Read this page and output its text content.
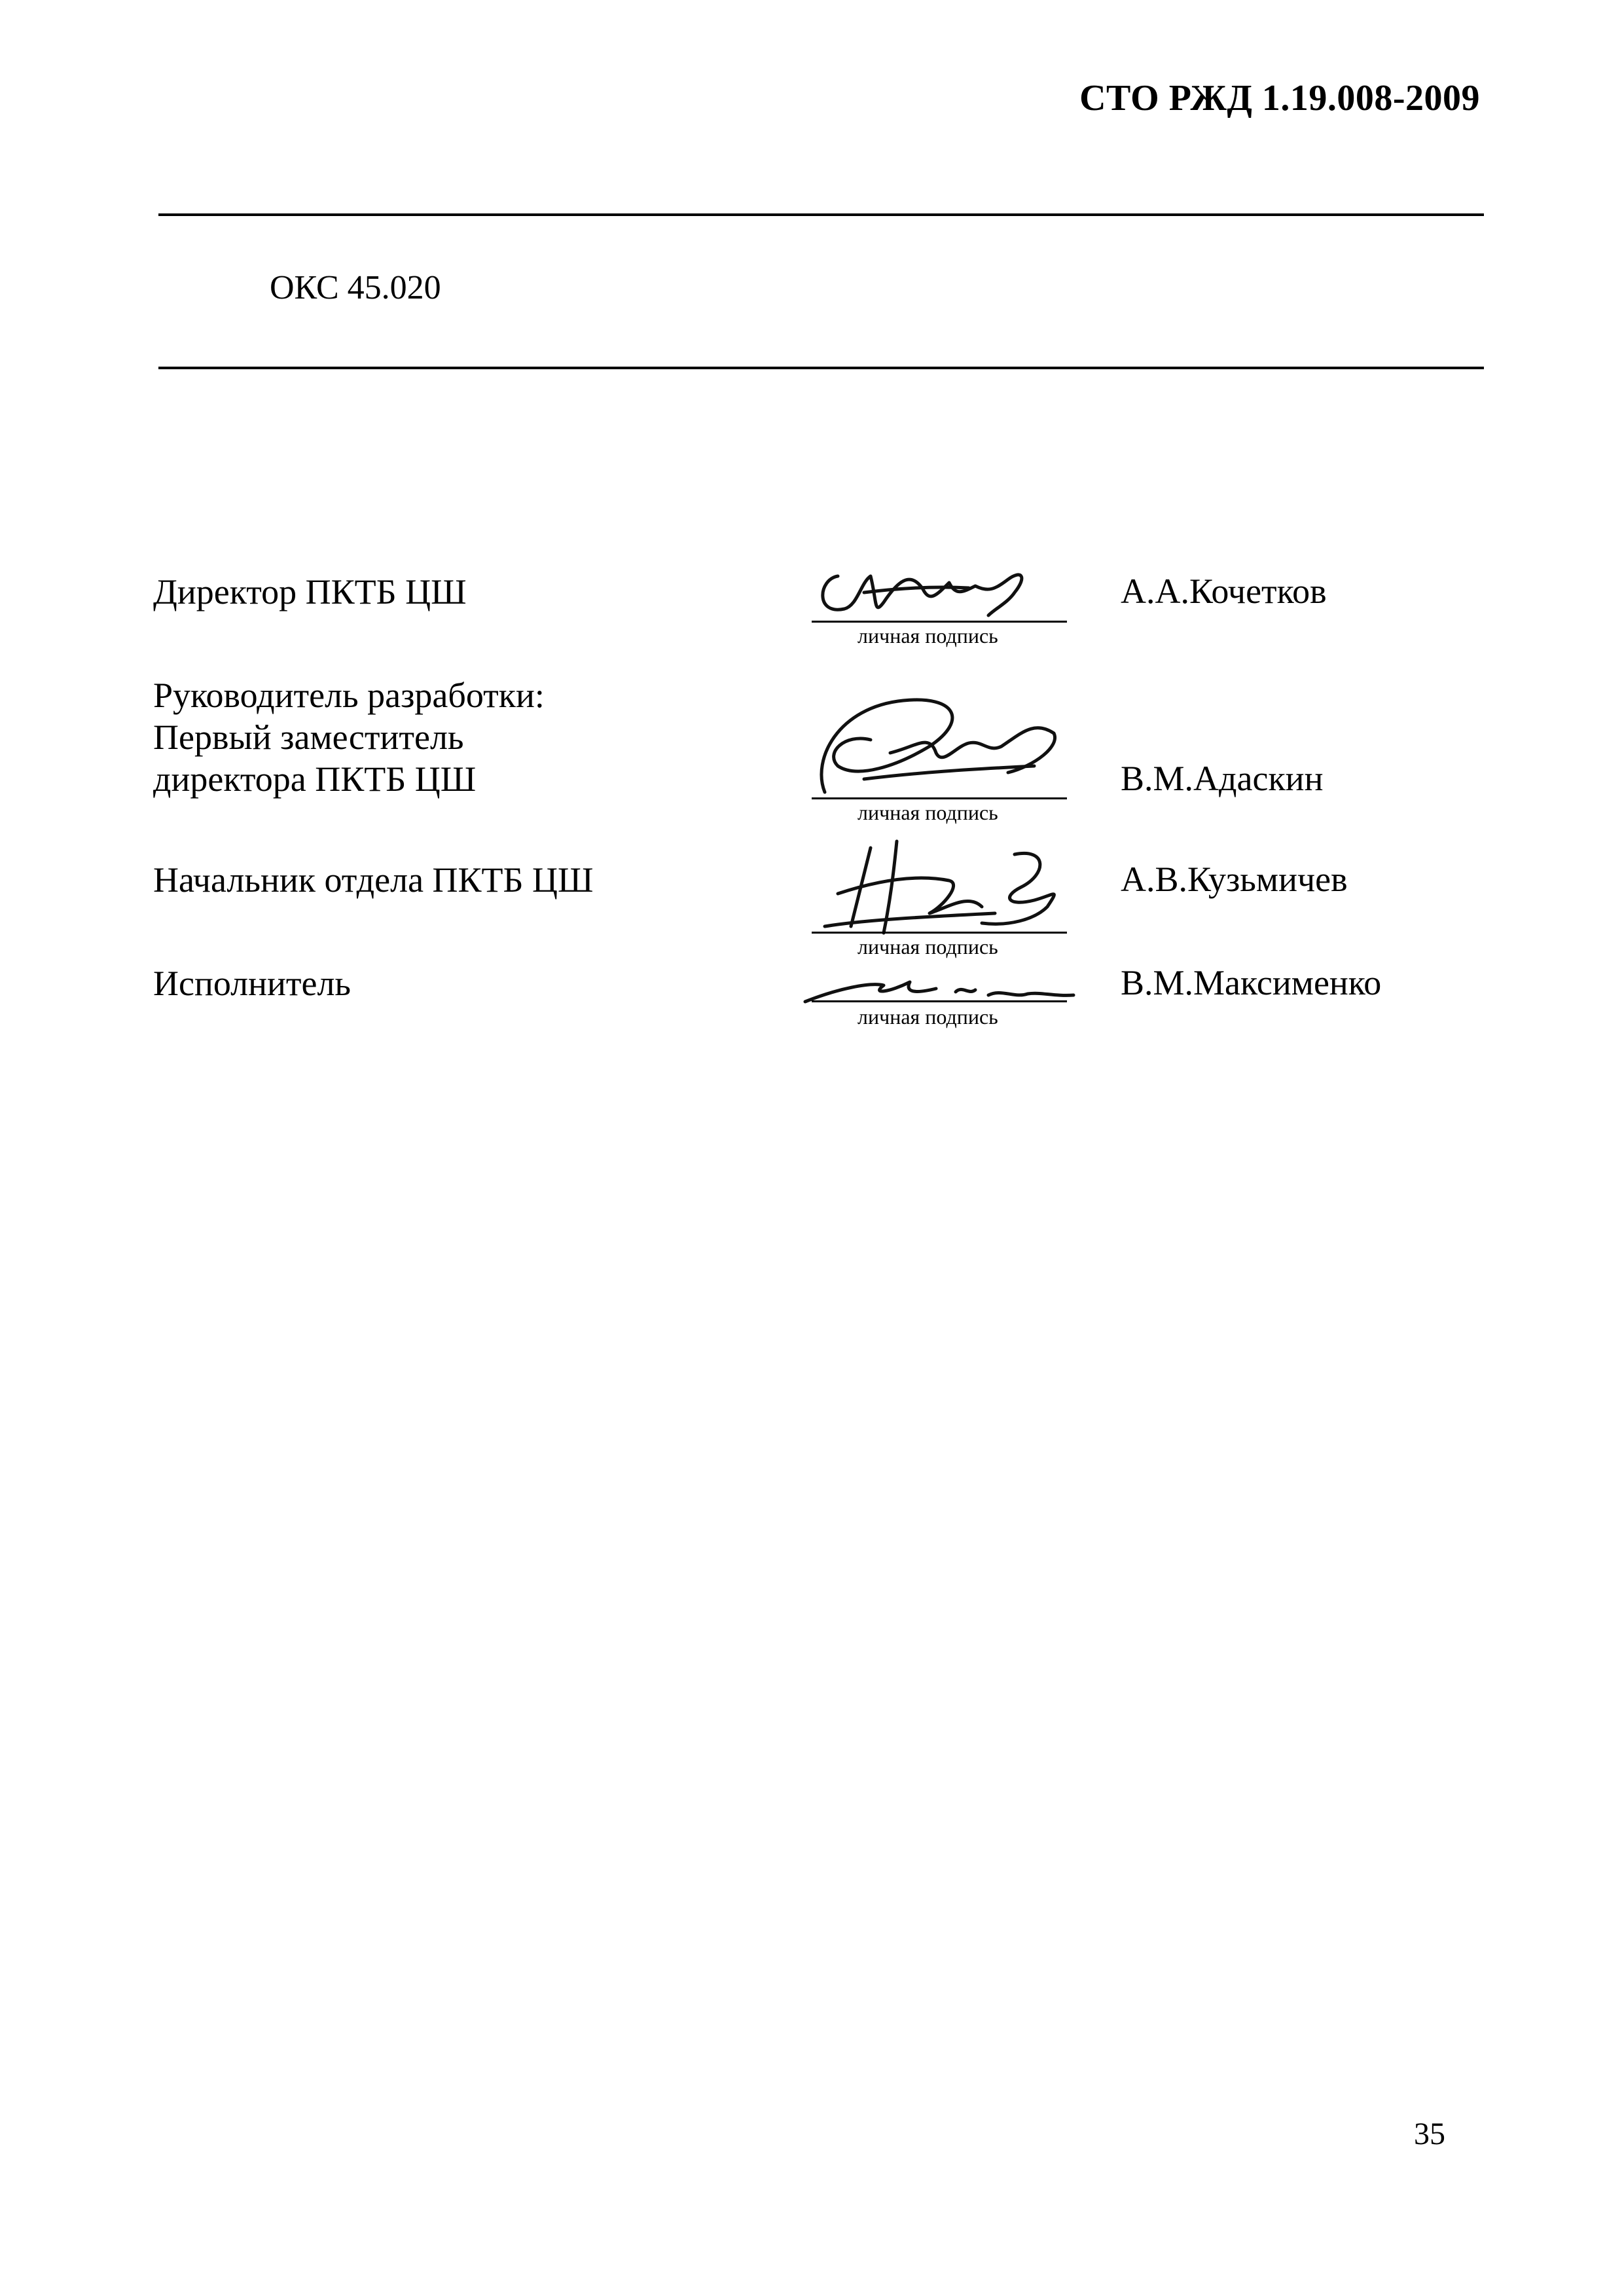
СТО РЖД 1.19.008-2009
ОКС 45.020
Директор ПКТБ ЦШ
личная подпись
А.А.Кочетков
Руководитель разработки:
Первый заместитель
директора ПКТБ ЦШ
личная подпись
В.М.Адаскин
Начальник отдела ПКТБ ЦШ
личная подпись
А.В.Кузьмичев
Исполнитель
личная подпись
В.М.Максименко
35
